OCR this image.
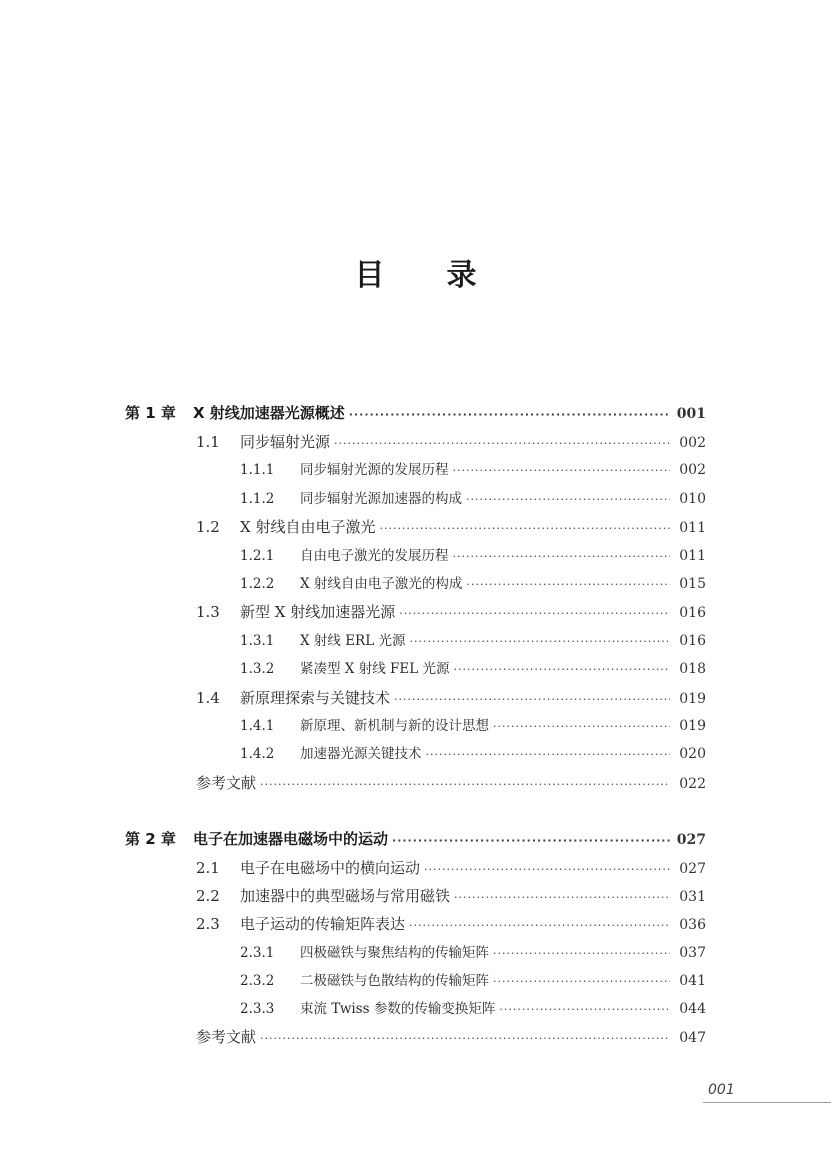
目录
第 1 章	X 射线加速器光源概述 ·····	001
1.1	同步辐射光源 ·····	002
1.1.1	同步辐射光源的发展历程 ·····	002
1.1.2	同步辐射光源加速器的构成 ·····	010
1.2	X 射线自由电子激光 ·····	011
1.2.1	自由电子激光的发展历程 ·····	011
1.2.2	X 射线自由电子激光的构成 ·····	015
1.3	新型 X 射线加速器光源 ·····	016
1.3.1	X 射线 ERL 光源 ·····	016
1.3.2	紧凑型 X 射线 FEL 光源 ·····	018
1.4	新原理探索与关键技术 ·····	019
1.4.1	新原理、新机制与新的设计思想 ·····	019
1.4.2	加速器光源关键技术 ·····	020
参考文献 ·····	022
第 2 章	电子在加速器电磁场中的运动 ·····	027
2.1	电子在电磁场中的横向运动 ·····	027
2.2	加速器中的典型磁场与常用磁铁 ·····	031
2.3	电子运动的传输矩阵表达 ·····	036
2.3.1	四极磁铁与聚焦结构的传输矩阵 ·····	037
2.3.2	二极磁铁与色散结构的传输矩阵 ·····	041
2.3.3	束流 Twiss 参数的传输变换矩阵 ·····	044
参考文献 ·····	047
001
